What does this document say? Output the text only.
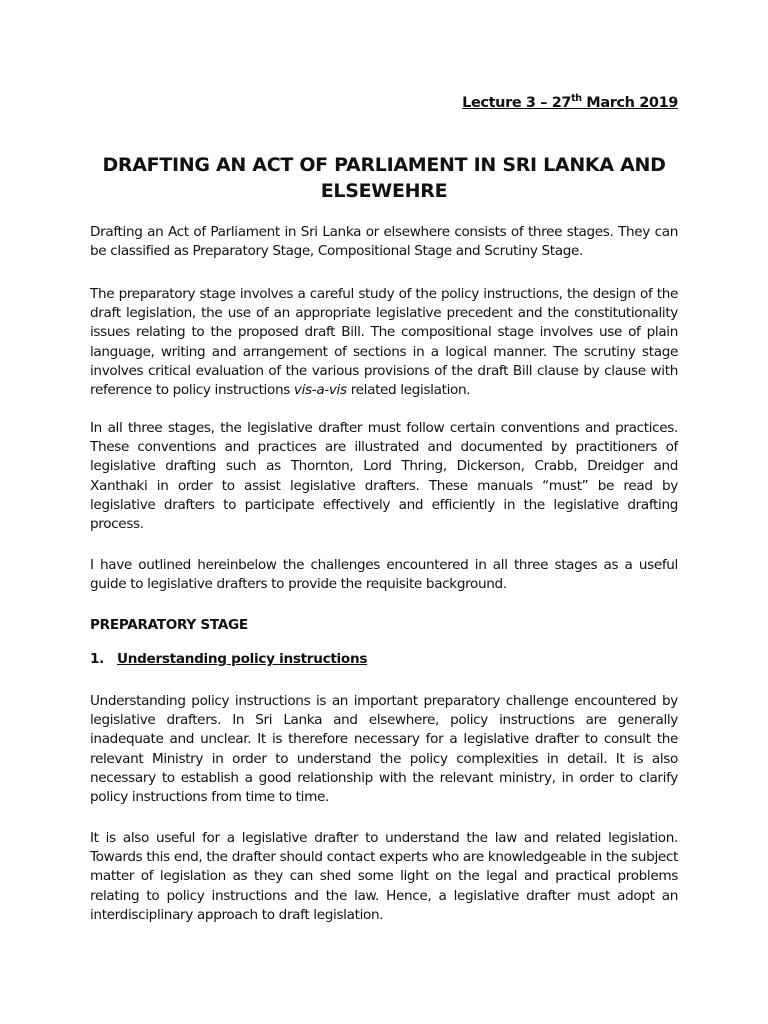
Lecture 3 – 27th March 2019
DRAFTING AN ACT OF PARLIAMENT IN SRI LANKA AND ELSEWEHRE

Drafting an Act of Parliament in Sri Lanka or elsewhere consists of three stages. They can be classified as Preparatory Stage, Compositional Stage and Scrutiny Stage.

The preparatory stage involves a careful study of the policy instructions, the design of the draft legislation, the use of an appropriate legislative precedent and the constitutionality issues relating to the proposed draft Bill. The compositional stage involves use of plain language, writing and arrangement of sections in a logical manner. The scrutiny stage involves critical evaluation of the various provisions of the draft Bill clause by clause with reference to policy instructions vis-a-vis related legislation.

In all three stages, the legislative drafter must follow certain conventions and practices. These conventions and practices are illustrated and documented by practitioners of legislative drafting such as Thornton, Lord Thring, Dickerson, Crabb, Dreidger and Xanthaki in order to assist legislative drafters. These manuals “must” be read by legislative drafters to participate effectively and efficiently in the legislative drafting process.

I have outlined hereinbelow the challenges encountered in all three stages as a useful guide to legislative drafters to provide the requisite background.

PREPARATORY STAGE
1. Understanding policy instructions

Understanding policy instructions is an important preparatory challenge encountered by legislative drafters. In Sri Lanka and elsewhere, policy instructions are generally inadequate and unclear. It is therefore necessary for a legislative drafter to consult the relevant Ministry in order to understand the policy complexities in detail. It is also necessary to establish a good relationship with the relevant ministry, in order to clarify policy instructions from time to time.

It is also useful for a legislative drafter to understand the law and related legislation. Towards this end, the drafter should contact experts who are knowledgeable in the subject matter of legislation as they can shed some light on the legal and practical problems relating to policy instructions and the law. Hence, a legislative drafter must adopt an interdisciplinary approach to draft legislation.
